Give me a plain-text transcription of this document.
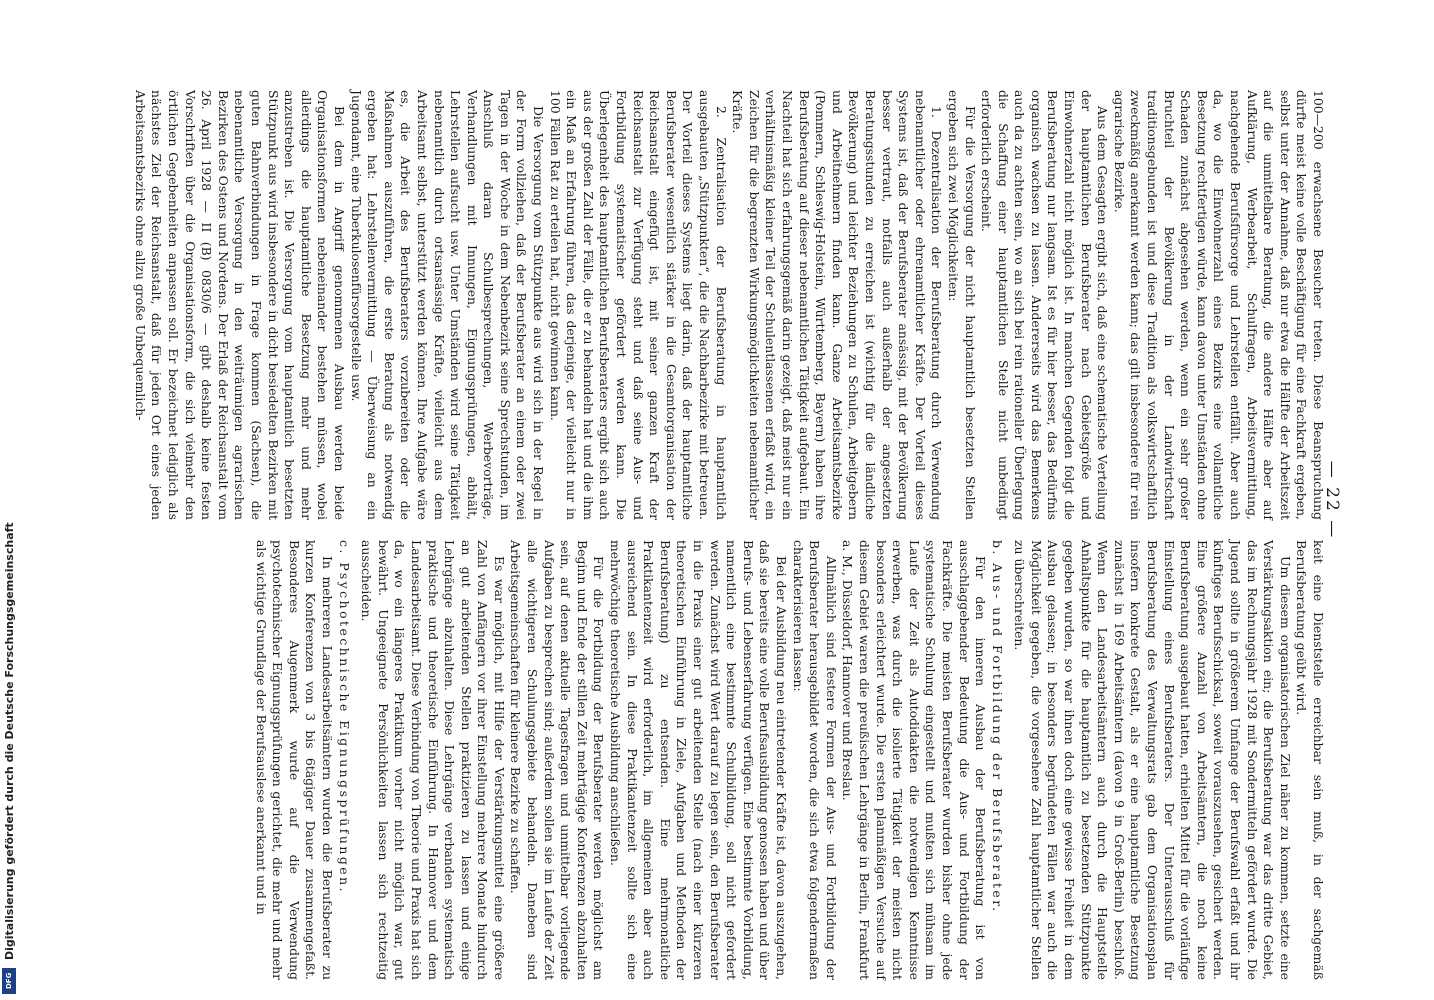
Digitalisierung gefördert durch die Deutsche Forschungsgemeinschaft
DFG
— 22 —

100—200 erwachsene Besucher treten. Diese Beanspruchung dürfte meist keine volle Beschäftigung für eine Fachkraft ergeben, selbst unter der Annahme, daß nur etwa die Hälfte der Arbeitszeit auf die unmittelbare Beratung, die andere Hälfte aber auf Aufklärung, Werbearbeit, Schulfragen, Arbeitsvermittlung, nachgehende Berufsfürsorge und Lehrstellen entfällt. Aber auch da, wo die Einwohnerzahl eines Bezirks eine vollamtliche Besetzung rechtfertigen würde, kann davon unter Umständen ohne Schaden zunächst abgesehen werden, wenn ein sehr großer Bruchteil der Bevölkerung in der Landwirtschaft traditionsgebunden ist und diese Tradition als volkswirtschaftlich zweckmäßig anerkannt werden kann; das gilt insbesondere für rein agrarische Bezirke.

Aus dem Gesagten ergibt sich, daß eine schematische Verteilung der hauptamtlichen Berufsberater nach Gebietsgröße und Einwohnerzahl nicht möglich ist. In manchen Gegenden folgt die Berufsberatung nur langsam. Ist es für hier besser, das Bedürfnis organisch wachsen zu lassen. Andererseits wird das Bemerkens auch da zu achten sein, wo an sich bei rein rationeller Überlegung die Schaffung einer hauptamtlichen Stelle nicht unbedingt erforderlich erscheint.

Für die Versorgung der nicht hauptamtlich besetzten Stellen ergeben sich zwei Möglichkeiten:

1. Dezentralisation der Berufsberatung durch Verwendung nebenamtlicher oder ehrenamtlicher Kräfte. Der Vorteil dieses Systems ist, daß der Berufsberater ansässig, mit der Bevölkerung besser vertraut, notfalls auch außerhalb der angesetzten Beratungsstunden zu erreichen ist (wichtig für die ländliche Bevölkerung) und leichter Beziehungen zu Schulen, Arbeitgebern und Arbeitnehmern finden kann. Ganze Arbeitsamtsbezirke (Pommern, Schleswig-Holstein, Württemberg, Bayern) haben ihre Berufsberatung auf dieser nebenamtlichen Tätigkeit aufgebaut. Ein Nachteil hat sich erfahrungsgemäß darin gezeigt, daß meist nur ein verhältnismäßig kleiner Teil der Schulentlassenen erfaßt wird, ein Zeichen für die begrenzten Wirkungsmöglichkeiten nebenamtlicher Kräfte.

2. Zentralisation der Berufsberatung in hauptamtlich ausgebauten „Stützpunkten“, die die Nachbarbezirke mit betreuen. Der Vorteil dieses Systems liegt darin, daß der hauptamtliche Berufsberater wesentlich stärker in die Gesamtorganisation der Reichsanstalt eingefügt ist, mit seiner ganzen Kraft der Reichsanstalt zur Verfügung steht und daß seine Aus- und Fortbildung systematischer gefördert werden kann. Die Überlegenheit des hauptamtlichen Berufsberaters ergibt sich auch aus der großen Zahl der Fälle, die er zu behandeln hat und die ihm ein Maß an Erfahrung führen, das derjenige, der vielleicht nur in 100 Fällen Rat zu erteilen hat, nicht gewinnen kann.

Die Versorgung vom Stützpunkte aus wird sich in der Regel in der Form vollziehen, daß der Berufsberater an einem oder zwei Tagen in der Woche in dem Nebenbezirk seine Sprechstunden, im Anschluß daran Schulbesprechungen, Werbevorträge, Verhandlungen mit Innungen, Eignungsprüfungen, abhält, Lehrstellen aufsucht usw. Unter Umständen wird seine Tätigkeit nebenamtlich durch ortsansässige Kräfte, vielleicht aus dem Arbeitsamt selbst, unterstützt werden können. Ihre Aufgabe wäre es, die Arbeit des Berufsberaters vorzubereiten oder die Maßnahmen auszuführen, die erste Beratung als notwendig ergeben hat: Lehrstellenvermittlung — Überweisung an ein Jugendamt, eine Tuberkulosenfürsorgestelle usw.

Bei dem in Angriff genommenen Ausbau werden beide Organisationsformen nebeneinander bestehen müssen, wobei allerdings die hauptamtliche Besetzung mehr und mehr anzustreben ist. Die Versorgung vom hauptamtlich besetzten Stützpunkt aus wird insbesondere in dicht besiedelten Bezirken mit guten Bahnverbindungen in Frage kommen (Sachsen), die nebenamtliche Versorgung in den weiträumigen agrarischen Bezirken des Ostens und Nordens. Der Erlaß der Reichsanstalt vom 26. April 1928 — II (B) 0830/6 — gibt deshalb keine festen Vorschriften über die Organisationsform, die sich vielmehr den örtlichen Gegebenheiten anpassen soll. Er bezeichnet lediglich als nächstes Ziel der Reichsanstalt, daß für jeden Ort eines jeden Arbeitsamtsbezirks ohne allzu große Unbequemlich-

keit eine Dienststelle erreichbar sein muß, in der sachgemäß Berufsberatung geübt wird.

Um diesem organisatorischen Ziel näher zu kommen, setzte eine Verstärkungsaktion ein; die Berufsberatung war das dritte Gebiet, das im Rechnungsjahr 1928 mit Sondermitteln gefördert wurde. Die Jugend sollte in größerem Umfange der Berufswahl erfaßt und ihr künftiges Berufsschicksal, soweit vorauszusehen, gesichert werden. Eine größere Anzahl von Arbeitsämtern, die noch keine Berufsberatung ausgebaut hatten, erhielten Mittel für die vorläufige Einstellung eines Berufsberaters. Der Unterausschuß für Berufsberatung des Verwaltungsrats gab dem Organisationsplan insofern konkrete Gestalt, als er eine hauptamtliche Besetzung zunächst in 169 Arbeitsämtern (davon 9 in Groß-Berlin) beschloß. Wenn den Landesarbeitsämtern auch durch die Hauptstelle Anhaltspunkte für die hauptamtlich zu besetzenden Stützpunkte gegeben wurden, so war ihnen doch eine gewisse Freiheit in dem Ausbau gelassen; in besonders begründeten Fällen war auch die Möglichkeit gegeben, die vorgesehene Zahl hauptamtlicher Stellen zu überschreiten.

b. Aus- und Fortbildung der Berufsberater.

Für den inneren Ausbau der Berufsberatung ist von ausschlaggebender Bedeutung die Aus- und Fortbildung der Fachkräfte. Die meisten Berufsberater wurden bisher ohne jede systematische Schulung eingestellt und mußten sich mühsam im Laufe der Zeit als Autodidakten die notwendigen Kenntnisse erwerben, was durch die isolierte Tätigkeit der meisten nicht besonders erleichtert wurde. Die ersten planmäßigen Versuche auf diesem Gebiet waren die preußischen Lehrgänge in Berlin, Frankfurt a. M., Düsseldorf, Hannover und Breslau.

Allmählich sind festere Formen der Aus- und Fortbildung der Berufsberater herausgebildet worden, die sich etwa folgendermaßen charakterisieren lassen:

Bei der Ausbildung neu eintretender Kräfte ist, davon auszugehen, daß sie bereits eine volle Berufsausbildung genossen haben und über Berufs- und Lebenserfahrung verfügen. Eine bestimmte Vorbildung, namentlich eine bestimmte Schulbildung, soll nicht gefordert werden. Zunächst wird Wert darauf zu legen sein, den Berufsberater in die Praxis einer gut arbeitenden Stelle (nach einer kürzeren theoretischen Einführung in Ziele, Aufgaben und Methoden der Berufsberatung) zu entsenden. Eine mehrmonatliche Praktikantenzeit wird erforderlich, im allgemeinen aber auch ausreichend sein. In diese Praktikantenzeit sollte sich eine mehrwöchige theoretische Ausbildung anschließen.

Für die Fortbildung der Berufsberater werden möglichst am Beginn und Ende der stillen Zeit mehrtägige Konferenzen abzuhalten sein, auf denen aktuelle Tagesfragen und unmittelbar vorliegende Aufgaben zu besprechen sind; außerdem sollen sie im Laufe der Zeit alle wichtigeren Schulungsgebiete behandeln. Daneben sind Arbeitsgemeinschaften für kleinere Bezirke zu schaffen.

Es war möglich, mit Hilfe der Verstärkungsmittel eine größere Zahl von Anfängern vor ihrer Einstellung mehrere Monate hindurch an gut arbeitenden Stellen praktizieren zu lassen und einige Lehrgänge abzuhalten. Diese Lehrgänge verbanden systematisch praktische und theoretische Einführung. In Hannover und dem Landesarbeitsamt. Diese Verbindung von Theorie und Praxis hat sich da, wo ein längeres Praktikum vorher nicht möglich war, gut bewährt. Ungeeignete Persönlichkeiten lassen sich rechtzeitig ausscheiden.

c. Psychotechnische Eignungsprüfungen.

In mehreren Landesarbeitsämtern wurden die Berufsberater zu kurzen Konferenzen von 3 bis 6tägiger Dauer zusammengefaßt. Besonderes Augenmerk wurde auf die Verwendung psychotechnischer Eignungsprüfungen gerichtet, die mehr und mehr als wichtige Grundlage der Berufsauslese anerkannt und in
